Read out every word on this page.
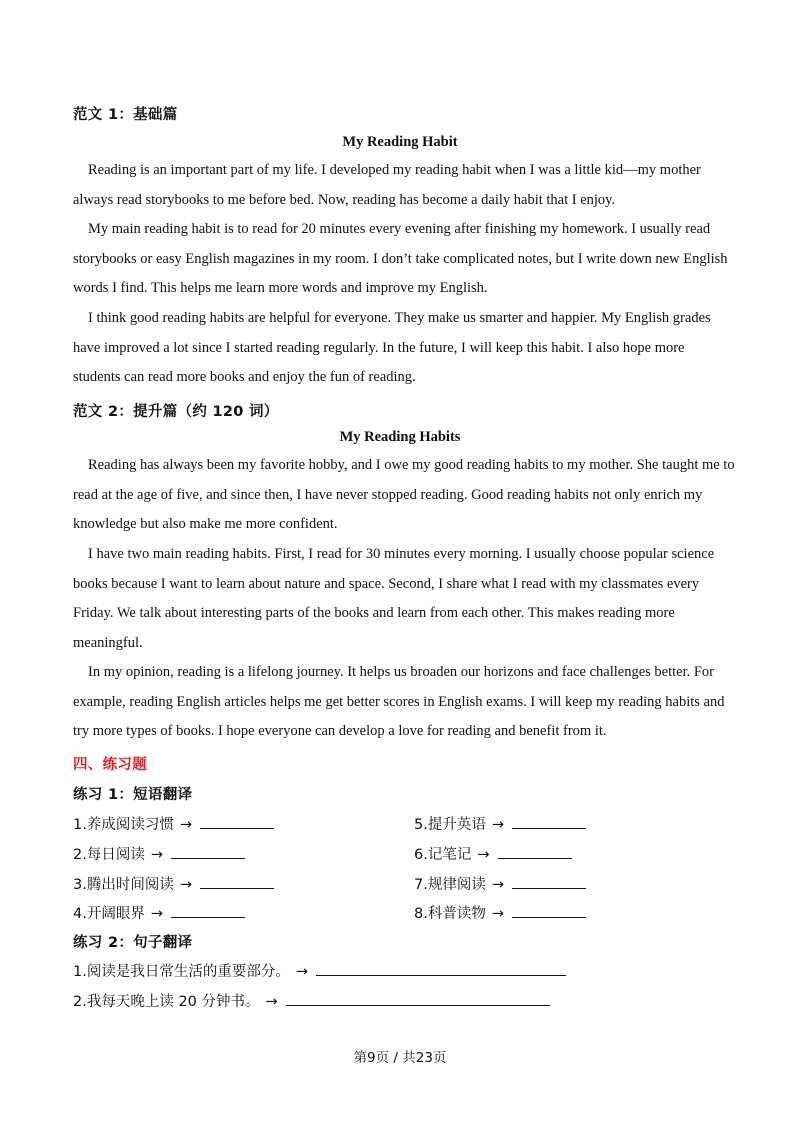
范文 1：基础篇
My Reading Habit

Reading is an important part of my life. I developed my reading habit when I was a little kid—my mother always read storybooks to me before bed. Now, reading has become a daily habit that I enjoy.

My main reading habit is to read for 20 minutes every evening after finishing my homework. I usually read storybooks or easy English magazines in my room. I don’t take complicated notes, but I write down new English words I find. This helps me learn more words and improve my English.

I think good reading habits are helpful for everyone. They make us smarter and happier. My English grades have improved a lot since I started reading regularly. In the future, I will keep this habit. I also hope more students can read more books and enjoy the fun of reading.

范文 2：提升篇（约 120 词）
My Reading Habits

Reading has always been my favorite hobby, and I owe my good reading habits to my mother. She taught me to read at the age of five, and since then, I have never stopped reading. Good reading habits not only enrich my knowledge but also make me more confident.

I have two main reading habits. First, I read for 30 minutes every morning. I usually choose popular science books because I want to learn about nature and space. Second, I share what I read with my classmates every Friday. We talk about interesting parts of the books and learn from each other. This makes reading more meaningful.

In my opinion, reading is a lifelong journey. It helps us broaden our horizons and face challenges better. For example, reading English articles helps me get better scores in English exams. I will keep my reading habits and try more types of books. I hope everyone can develop a love for reading and benefit from it.

四、练习题
练习 1：短语翻译
1.养成阅读习惯 →
2.每日阅读 →
3.腾出时间阅读 →
4.开阔眼界 →
5.提升英语 →
6.记笔记 →
7.规律阅读 →
8.科普读物 →
练习 2：句子翻译
1.阅读是我日常生活的重要部分。 →
2.我每天晚上读 20 分钟书。 →
第9页 / 共23页
